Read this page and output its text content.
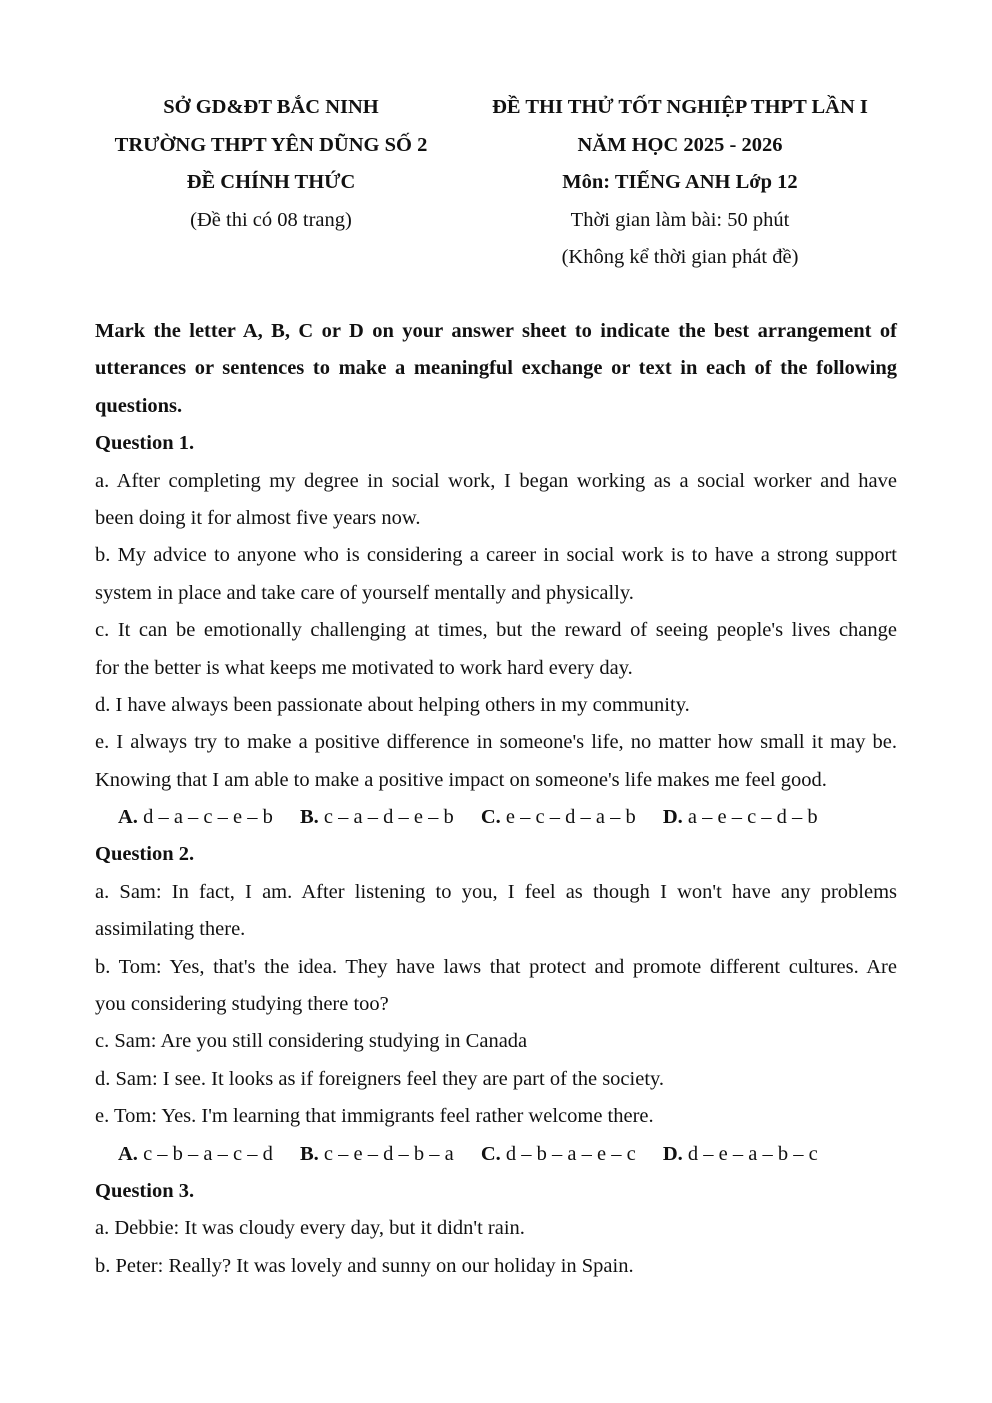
SỞ GD&ĐT BẮC NINH
TRƯỜNG THPT YÊN DŨNG SỐ 2
ĐỀ CHÍNH THỨC
(Đề thi có 08 trang)
ĐỀ THI THỬ TỐT NGHIỆP THPT LẦN I
NĂM HỌC 2025 - 2026
Môn: TIẾNG ANH Lớp 12
Thời gian làm bài: 50 phút
(Không kể thời gian phát đề)
Mark the letter A, B, C or D on your answer sheet to indicate the best arrangement of
utterances or sentences to make a meaningful exchange or text in each of the following
questions.
Question 1.
a. After completing my degree in social work, I began working as a social worker and have
been doing it for almost five years now.
b. My advice to anyone who is considering a career in social work is to have a strong support
system in place and take care of yourself mentally and physically.
c. It can be emotionally challenging at times, but the reward of seeing people's lives change
for the better is what keeps me motivated to work hard every day.
d. I have always been passionate about helping others in my community.
e. I always try to make a positive difference in someone's life, no matter how small it may be.
Knowing that I am able to make a positive impact on someone's life makes me feel good.
A. d – a – c – e – b B. c – a – d – e – b C. e – c – d – a – b D. a – e – c – d – b
Question 2.
a. Sam: In fact, I am. After listening to you, I feel as though I won't have any problems
assimilating there.
b. Tom: Yes, that's the idea. They have laws that protect and promote different cultures. Are
you considering studying there too?
c. Sam: Are you still considering studying in Canada
d. Sam: I see. It looks as if foreigners feel they are part of the society.
e. Tom: Yes. I'm learning that immigrants feel rather welcome there.
A. c – b – a – c – d B. c – e – d – b – a C. d – b – a – e – c D. d – e – a – b – c
Question 3.
a. Debbie: It was cloudy every day, but it didn't rain.
b. Peter: Really? It was lovely and sunny on our holiday in Spain.
